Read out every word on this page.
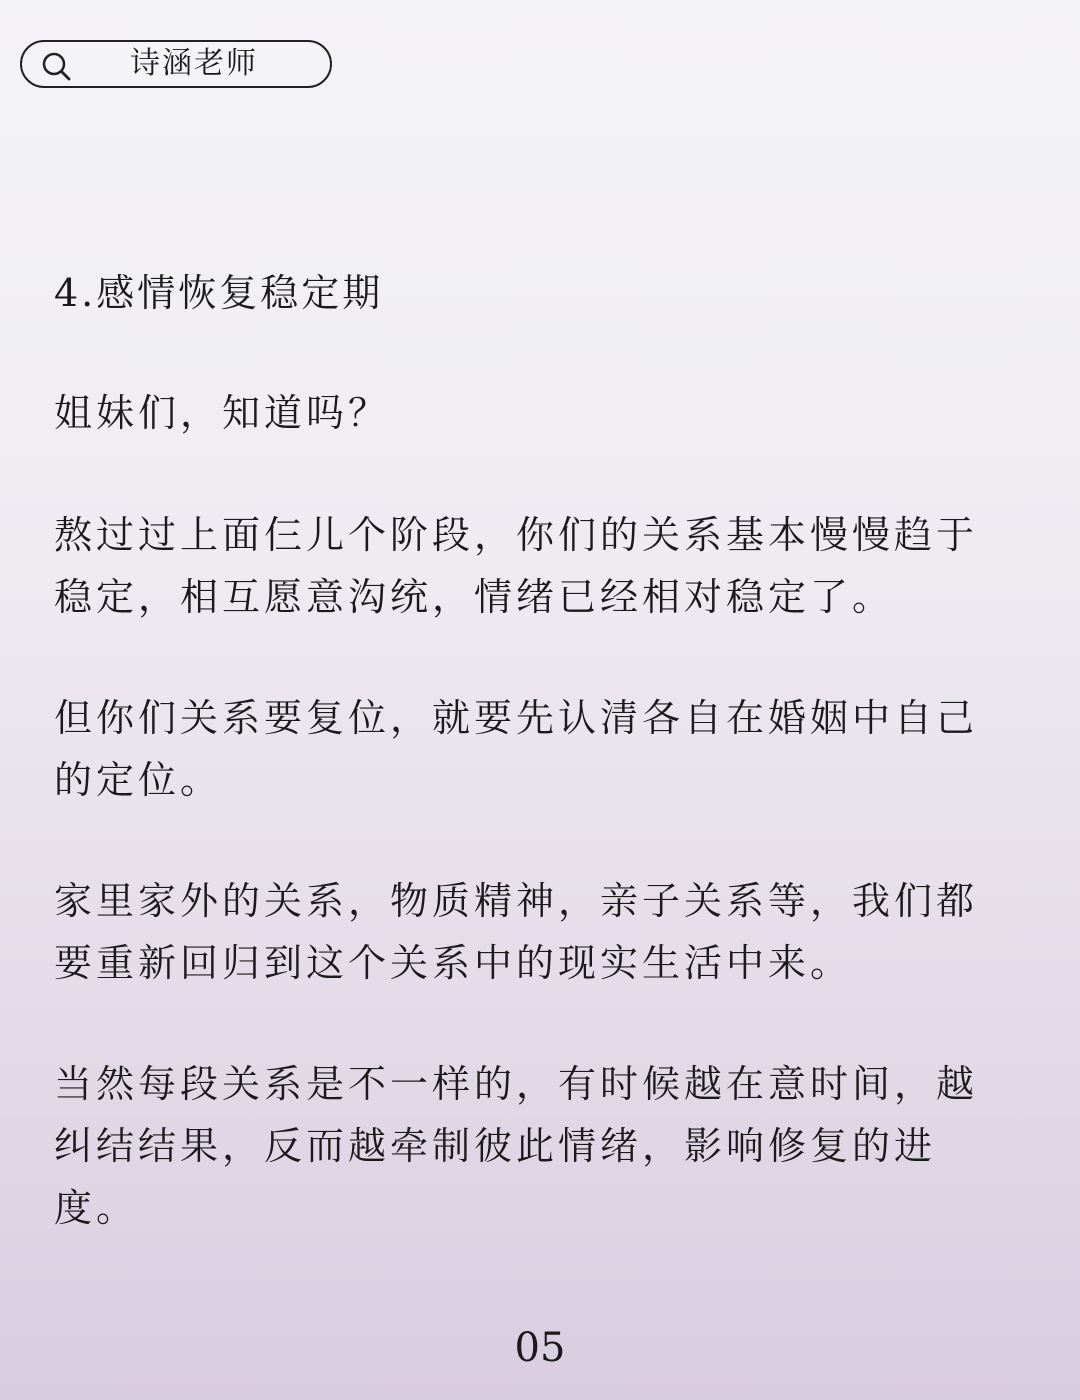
诗涵老师
4.感情恢复稳定期
姐妹们，知道吗？
熬过过上面仨儿个阶段，你们的关系基本慢慢趋于
稳定，相互愿意沟统，情绪已经相对稳定了。
但你们关系要复位，就要先认清各自在婚姻中自己
的定位。
家里家外的关系，物质精神，亲子关系等，我们都
要重新回归到这个关系中的现实生活中来。
当然每段关系是不一样的，有时候越在意时间，越
纠结结果，反而越牵制彼此情绪，影响修复的进
度。
05
